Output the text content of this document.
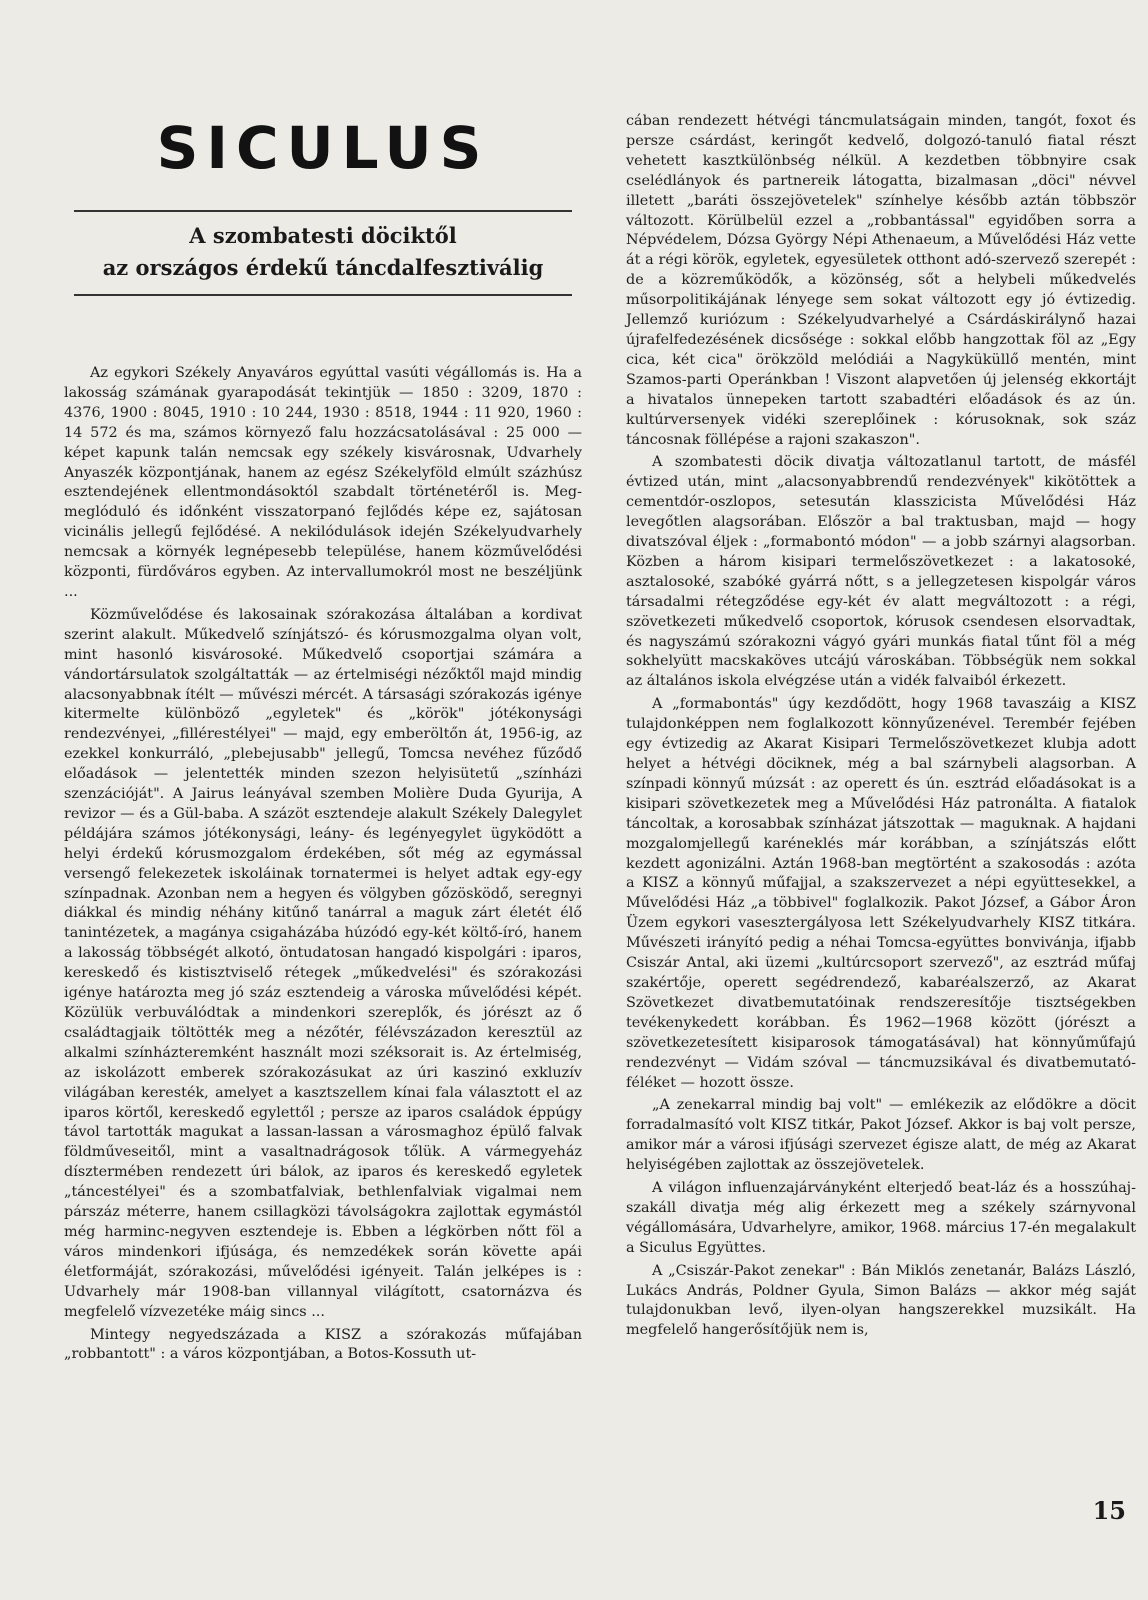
SICULUS
A szombatesti döciktől
az országos érdekű táncdalfesztiválig

Az egykori Székely Anyaváros egyúttal vasúti végállomás is. Ha a lakosság számának gyarapodását tekintjük — 1850 : 3209, 1870 : 4376, 1900 : 8045, 1910 : 10 244, 1930 : 8518, 1944 : 11 920, 1960 : 14 572 és ma, számos környező falu hozzácsatolásával : 25 000 — képet kapunk talán nemcsak egy székely kisvárosnak, Udvarhely Anyaszék központjának, hanem az egész Székelyföld elmúlt százhúsz esztendejének ellentmondásoktól szabdalt történetéről is. Meg-meglóduló és időnként visszatorpanó fejlődés képe ez, sajátosan vicinális jellegű fejlődésé. A nekilódulások idején Székelyudvarhely nemcsak a környék legnépesebb települése, hanem közművelődési központi, fürdőváros egyben. Az intervallumokról most ne beszéljünk ...

Közművelődése és lakosainak szórakozása általában a kordivat szerint alakult. Műkedvelő színjátszó- és kórusmozgalma olyan volt, mint hasonló kisvárosoké. Műkedvelő csoportjai számára a vándortársulatok szolgáltatták — az értelmiségi nézőktől majd mindig alacsonyabbnak ítélt — művészi mércét. A társasági szórakozás igénye kitermelte különböző „egyletek" és „körök" jótékonysági rendezvényei, „fillérestélyei" — majd, egy emberöltőn át, 1956-ig, az ezekkel konkurráló, „plebejusabb" jellegű, Tomcsa nevéhez fűződő előadások — jelentették minden szezon helyisütetű „színházi szenzációját". A Jairus leányával szemben Molière Duda Gyurija, A revizor — és a Gül-baba. A százöt esztendeje alakult Székely Dalegylet példájára számos jótékonysági, leány- és legényegylet ügyködött a helyi érdekű kórusmozgalom érdekében, sőt még az egymással versengő felekezetek iskoláinak tornatermei is helyet adtak egy-egy színpadnak. Azonban nem a hegyen és völgyben gőzösködő, seregnyi diákkal és mindig néhány kitűnő tanárral a maguk zárt életét élő tanintézetek, a magánya csigaházába húzódó egy-két költő-író, hanem a lakosság többségét alkotó, öntudatosan hangadó kispolgári : iparos, kereskedő és kistisztviselő rétegek „műkedvelési" és szórakozási igénye határozta meg jó száz esztendeig a városka művelődési képét. Közülük verbuválódtak a mindenkori szereplők, és jórészt az ő családtagjaik töltötték meg a nézőtér, félévszázadon keresztül az alkalmi színházteremként használt mozi széksorait is. Az értelmiség, az iskolázott emberek szórakozásukat az úri kaszinó exkluzív világában keresték, amelyet a kasztszellem kínai fala választott el az iparos körtől, kereskedő egylettől ; persze az iparos családok éppúgy távol tartották magukat a lassan-lassan a városmaghoz épülő falvak földműveseitől, mint a vasaltnadrágosok tőlük. A vármegyeház dísztermében rendezett úri bálok, az iparos és kereskedő egyletek „táncestélyei" és a szombatfalviak, bethlenfalviak vigalmai nem párszáz méterre, hanem csillagközi távolságokra zajlottak egymástól még harminc-negyven esztendeje is. Ebben a légkörben nőtt föl a város mindenkori ifjúsága, és nemzedékek során követte apái életformáját, szórakozási, művelődési igényeit. Talán jelképes is : Udvarhely már 1908-ban villannyal világított, csatornázva és megfelelő vízvezetéke máig sincs ...

Mintegy negyedszázada a KISZ a szórakozás műfajában „robbantott" : a város központjában, a Botos-Kossuth ut-

cában rendezett hétvégi táncmulatságain minden, tangót, foxot és persze csárdást, keringőt kedvelő, dolgozó-tanuló fiatal részt vehetett kasztkülönbség nélkül. A kezdetben többnyire csak cselédlányok és partnereik látogatta, bizalmasan „döci" névvel illetett „baráti összejövetelek" színhelye később aztán többször változott. Körülbelül ezzel a „robbantással" egyidőben sorra a Népvédelem, Dózsa György Népi Athenaeum, a Művelődési Ház vette át a régi körök, egyletek, egyesületek otthont adó-szervező szerepét : de a közreműködők, a közönség, sőt a helybeli műkedvelés műsorpolitikájának lényege sem sokat változott egy jó évtizedig. Jellemző kuriózum : Székelyudvarhelyé a Csárdáskirálynő hazai újrafelfedezésének dicsősége : sokkal előbb hangzottak föl az „Egy cica, két cica" örökzöld melódiái a Nagyküküllő mentén, mint Szamos-parti Operánkban ! Viszont alapvetően új jelenség ekkortájt a hivatalos ünnepeken tartott szabadtéri előadások és az ún. kultúrversenyek vidéki szereplőinek : kórusoknak, sok száz táncosnak föllépése a rajoni szakaszon".

A szombatesti döcik divatja változatlanul tartott, de másfél évtized után, mint „alacsonyabbrendű rendezvények" kikötöttek a cementdór-oszlopos, setesután klasszicista Művelődési Ház levegőtlen alagsorában. Először a bal traktusban, majd — hogy divatszóval éljek : „formabontó módon" — a jobb szárnyi alagsorban. Közben a három kisipari termelőszövetkezet : a lakatosoké, asztalosoké, szabóké gyárrá nőtt, s a jellegzetesen kispolgár város társadalmi rétegződése egy-két év alatt megváltozott : a régi, szövetkezeti műkedvelő csoportok, kórusok csendesen elsorvadtak, és nagyszámú szórakozni vágyó gyári munkás fiatal tűnt föl a még sokhelyütt macskaköves utcájú városkában. Többségük nem sokkal az általános iskola elvégzése után a vidék falvaiból érkezett.

A „formabontás" úgy kezdődött, hogy 1968 tavaszáig a KISZ tulajdonképpen nem foglalkozott könnyűzenével. Terembér fejében egy évtizedig az Akarat Kisipari Termelőszövetkezet klubja adott helyet a hétvégi döciknek, még a bal szárnybeli alagsorban. A színpadi könnyű múzsát : az operett és ún. esztrád előadásokat is a kisipari szövetkezetek meg a Művelődési Ház patronálta. A fiatalok táncoltak, a korosabbak színházat játszottak — maguknak. A hajdani mozgalomjellegű karéneklés már korábban, a színjátszás előtt kezdett agonizálni. Aztán 1968-ban megtörtént a szakosodás : azóta a KISZ a könnyű műfajjal, a szakszervezet a népi együttesekkel, a Művelődési Ház „a többivel" foglalkozik. Pakot József, a Gábor Áron Üzem egykori vasesztergályosa lett Székelyudvarhely KISZ titkára. Művészeti irányító pedig a néhai Tomcsa-együttes bonvivánja, ifjabb Csiszár Antal, aki üzemi „kultúrcsoport szervező", az esztrád műfaj szakértője, operett segédrendező, kabaréalszerző, az Akarat Szövetkezet divatbemutatóinak rendszeresítője tisztségekben tevékenykedett korábban. És 1962—1968 között (jórészt a szövetkezetesített kisiparosok támogatásával) hat könnyűműfajú rendezvényt — Vidám szóval — táncmuzsikával és divatbemutató-féléket — hozott össze.

„A zenekarral mindig baj volt" — emlékezik az elődökre a döcit forradalmasító volt KISZ titkár, Pakot József. Akkor is baj volt persze, amikor már a városi ifjúsági szervezet égisze alatt, de még az Akarat helyiségében zajlottak az összejövetelek.

A világon influenzajárványként elterjedő beat-láz és a hosszúhaj-szakáll divatja még alig érkezett meg a székely szárnyvonal végállomására, Udvarhelyre, amikor, 1968. március 17-én megalakult a Siculus Együttes.

A „Csiszár-Pakot zenekar" : Bán Miklós zenetanár, Balázs László, Lukács András, Poldner Gyula, Simon Balázs — akkor még saját tulajdonukban levő, ilyen-olyan hangszerekkel muzsikált. Ha megfelelő hangerősítőjük nem is,

15
